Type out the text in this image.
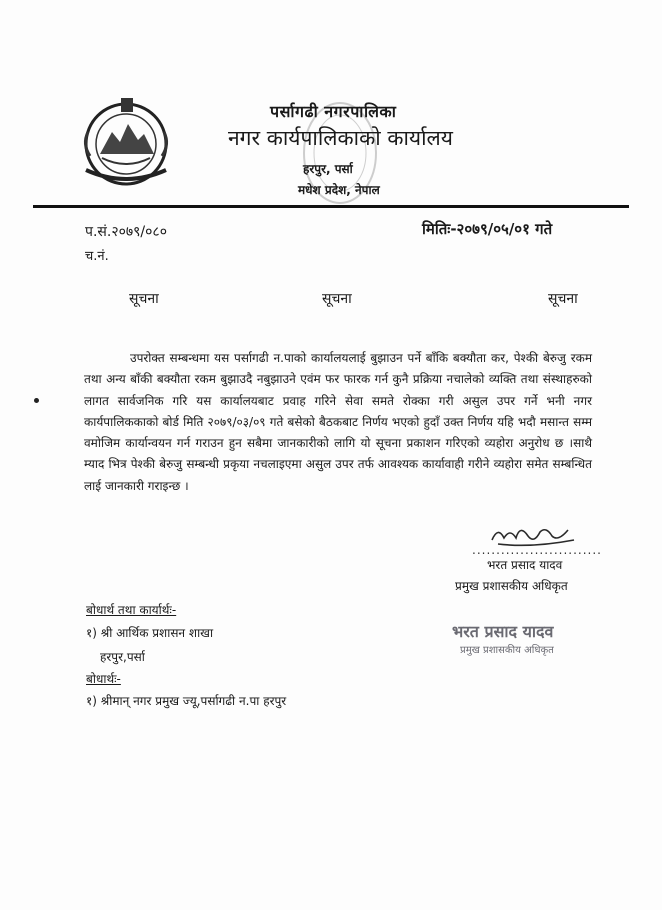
पर्सागढी नगरपालिका
नगर कार्यपालिकाको कार्यालय
हरपुर, पर्सा
मधेश प्रदेश, नेपाल
प.सं.२०७९/०८०
च.नं.
मितिः-२०७९/०५/०१ गते
सूचना	सूचना	सूचना

उपरोक्त सम्बन्धमा यस पर्सागढी न.पाको कार्यालयलाई बुझाउन पर्ने बाँकि बक्यौता कर, पेश्की बेरुजु रकम तथा अन्य बाँकी बक्यौता रकम बुझाउदै नबुझाउने एवंम फर फारक गर्न कुनै प्रक्रिया नचालेको व्यक्ति तथा संस्थाहरुको लागत सार्वजनिक गरि यस कार्यालयबाट प्रवाह गरिने सेवा समते रोक्का गरी असुल उपर गर्ने भनी नगर कार्यपालिककाको बोर्ड मिति २०७९/०३/०९ गते बसेको बैठकबाट निर्णय भएको हुदाँ उक्त निर्णय यहि भदौ मसान्त सम्म वमोजिम कार्यान्वयन गर्न गराउन हुन सबैमा जानकारीको लागि यो सूचना प्रकाशन गरिएको व्यहोरा अनुरोध छ ।साथै म्याद भित्र पेश्की बेरुजु सम्बन्धी प्रकृया नचलाइएमा असुल उपर तर्फ आवश्यक कार्यावाही गरीने व्यहोरा समेत सम्बन्धित लाई जानकारी गराइन्छ ।

...........................
भरत प्रसाद यादव
प्रमुख प्रशासकीय अधिकृत
भरत प्रसाद यादव
प्रमुख प्रशासकीय अधिकृत
बोधार्थ तथा कार्यार्थः-
१) श्री आर्थिक प्रशासन शाखा
हरपुर,पर्सा
बोधार्थः-
१) श्रीमान् नगर प्रमुख ज्यू,पर्सागढी न.पा हरपुर
